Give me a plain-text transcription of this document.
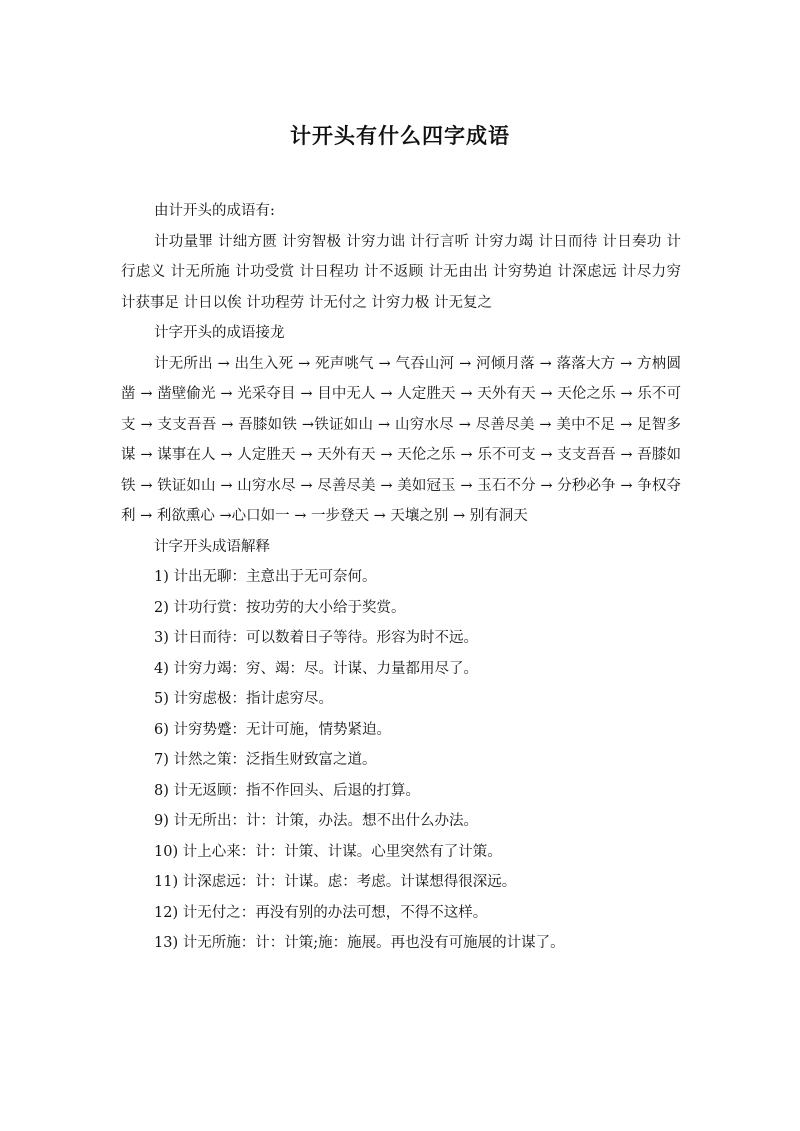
计开头有什么四字成语

由计开头的成语有:

计功量罪 计绌方匮 计穷智极 计穷力诎 计行言听 计穷力竭 计日而待 计日奏功 计行虑义 计无所施 计功受赏 计日程功 计不返顾 计无由出 计穷势迫 计深虑远 计尽力穷 计获事足 计日以俟 计功程劳 计无付之 计穷力极 计无复之

计字开头的成语接龙

计无所出 → 出生入死 → 死声咷气 → 气吞山河 → 河倾月落 → 落落大方 → 方枘圆凿 → 凿壁偷光 → 光采夺目 → 目中无人 → 人定胜天 → 天外有天 → 天伦之乐 → 乐不可支 → 支支吾吾 → 吾膝如铁 →铁证如山 → 山穷水尽 → 尽善尽美 → 美中不足 → 足智多谋 → 谋事在人 → 人定胜天 → 天外有天 → 天伦之乐 → 乐不可支 → 支支吾吾 → 吾膝如铁 → 铁证如山 → 山穷水尽 → 尽善尽美 → 美如冠玉 → 玉石不分 → 分秒必争 → 争权夺利 → 利欲熏心 →心口如一 → 一步登天 → 天壤之别 → 别有洞天

计字开头成语解释

1) 计出无聊：主意出于无可奈何。
2) 计功行赏：按功劳的大小给于奖赏。
3) 计日而待：可以数着日子等待。形容为时不远。
4) 计穷力竭：穷、竭：尽。计谋、力量都用尽了。
5) 计穷虑极：指计虑穷尽。
6) 计穷势蹙：无计可施，情势紧迫。
7) 计然之策：泛指生财致富之道。
8) 计无返顾：指不作回头、后退的打算。
9) 计无所出：计：计策，办法。想不出什么办法。
10) 计上心来：计：计策、计谋。心里突然有了计策。
11) 计深虑远：计：计谋。虑：考虑。计谋想得很深远。
12) 计无付之：再没有别的办法可想，不得不这样。
13) 计无所施：计：计策;施：施展。再也没有可施展的计谋了。
